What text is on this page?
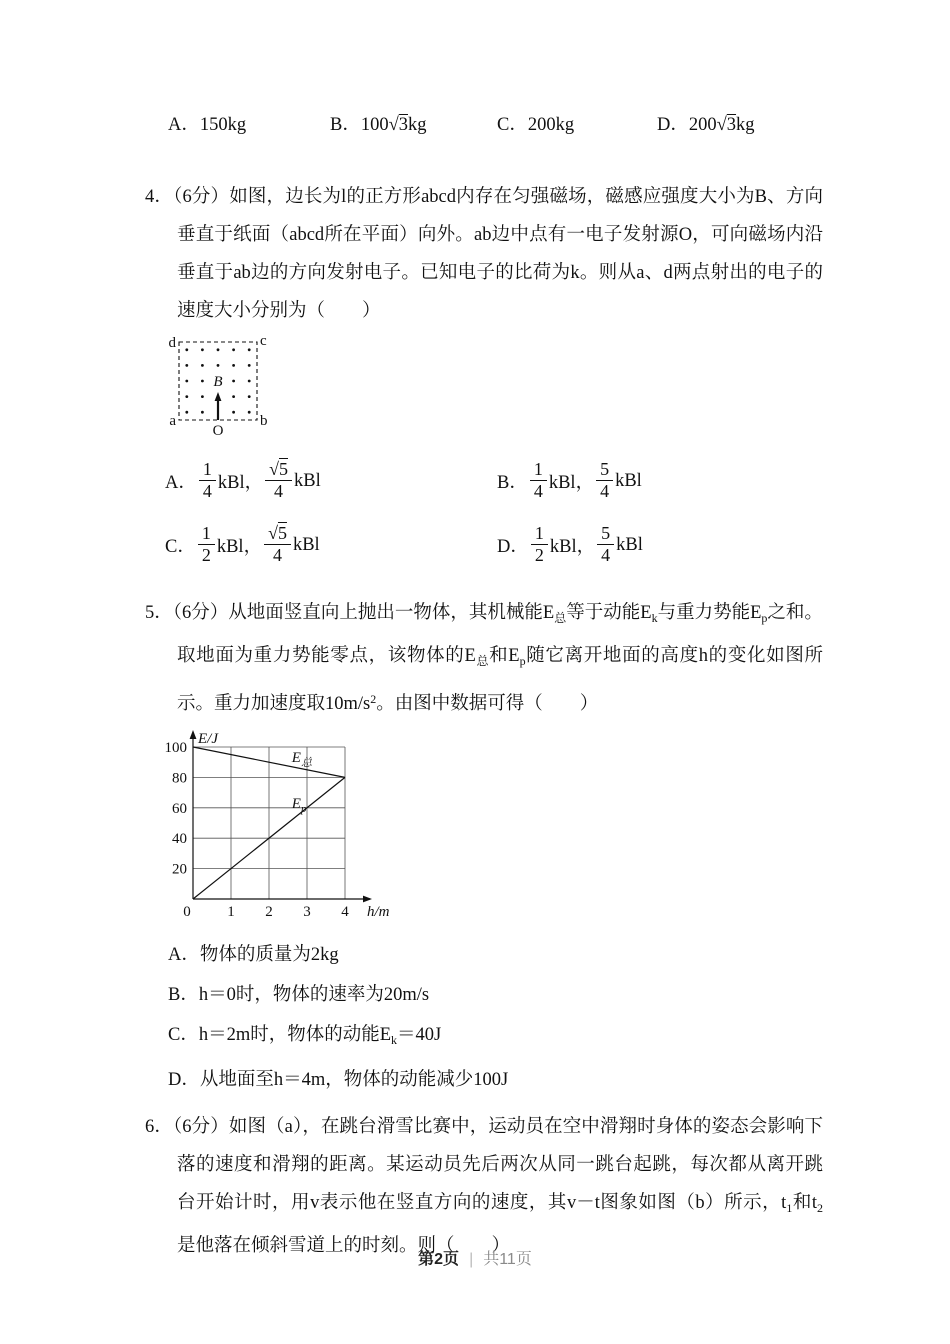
A．150kg	B．100√3kg	C．200kg	D．200√3kg
4．（6分）如图，边长为l的正方形abcd内存在匀强磁场，磁感应强度大小为B、方向垂直于纸面（abcd所在平面）向外。ab边中点有一电子发射源O，可向磁场内沿垂直于ab边的方向发射电子。已知电子的比荷为k。则从a、d两点射出的电子的速度大小分别为（　　）
d	c
a	b
B
O
A． $\frac{1}{4}$ kBl， $\frac{√5}{4}$ kBl	B． $\frac{1}{4}$ kBl， $\frac{5}{4}$ kBl
C． $\frac{1}{2}$ kBl， $\frac{√5}{4}$ kBl	D． $\frac{1}{2}$ kBl， $\frac{5}{4}$ kBl
5．（6分）从地面竖直向上抛出一物体，其机械能$E_总$等于动能$E_k$与重力势能$E_p$之和。取地面为重力势能零点，该物体的$E_总$和$E_p$随它离开地面的高度h的变化如图所示。重力加速度取$10m/s^2$。由图中数据可得（　　）
20
40
60
80
100
0 1 2 3 4
E/J
h/m
$E_总$
$E_p$
A．物体的质量为2kg
B．h＝0时，物体的速率为20m/s
C．h＝2m时，物体的动能$E_k=40J$
D．从地面至h＝4m，物体的动能减少100J
6．（6分）如图（a），在跳台滑雪比赛中，运动员在空中滑翔时身体的姿态会影响下落的速度和滑翔的距离。某运动员先后两次从同一跳台起跳，每次都从离开跳台开始计时，用v表示他在竖直方向的速度，其v－t图象如图（b）所示，$t_1$和$t_2$是他落在倾斜雪道上的时刻。则（　　）
第2页 | 共11页
